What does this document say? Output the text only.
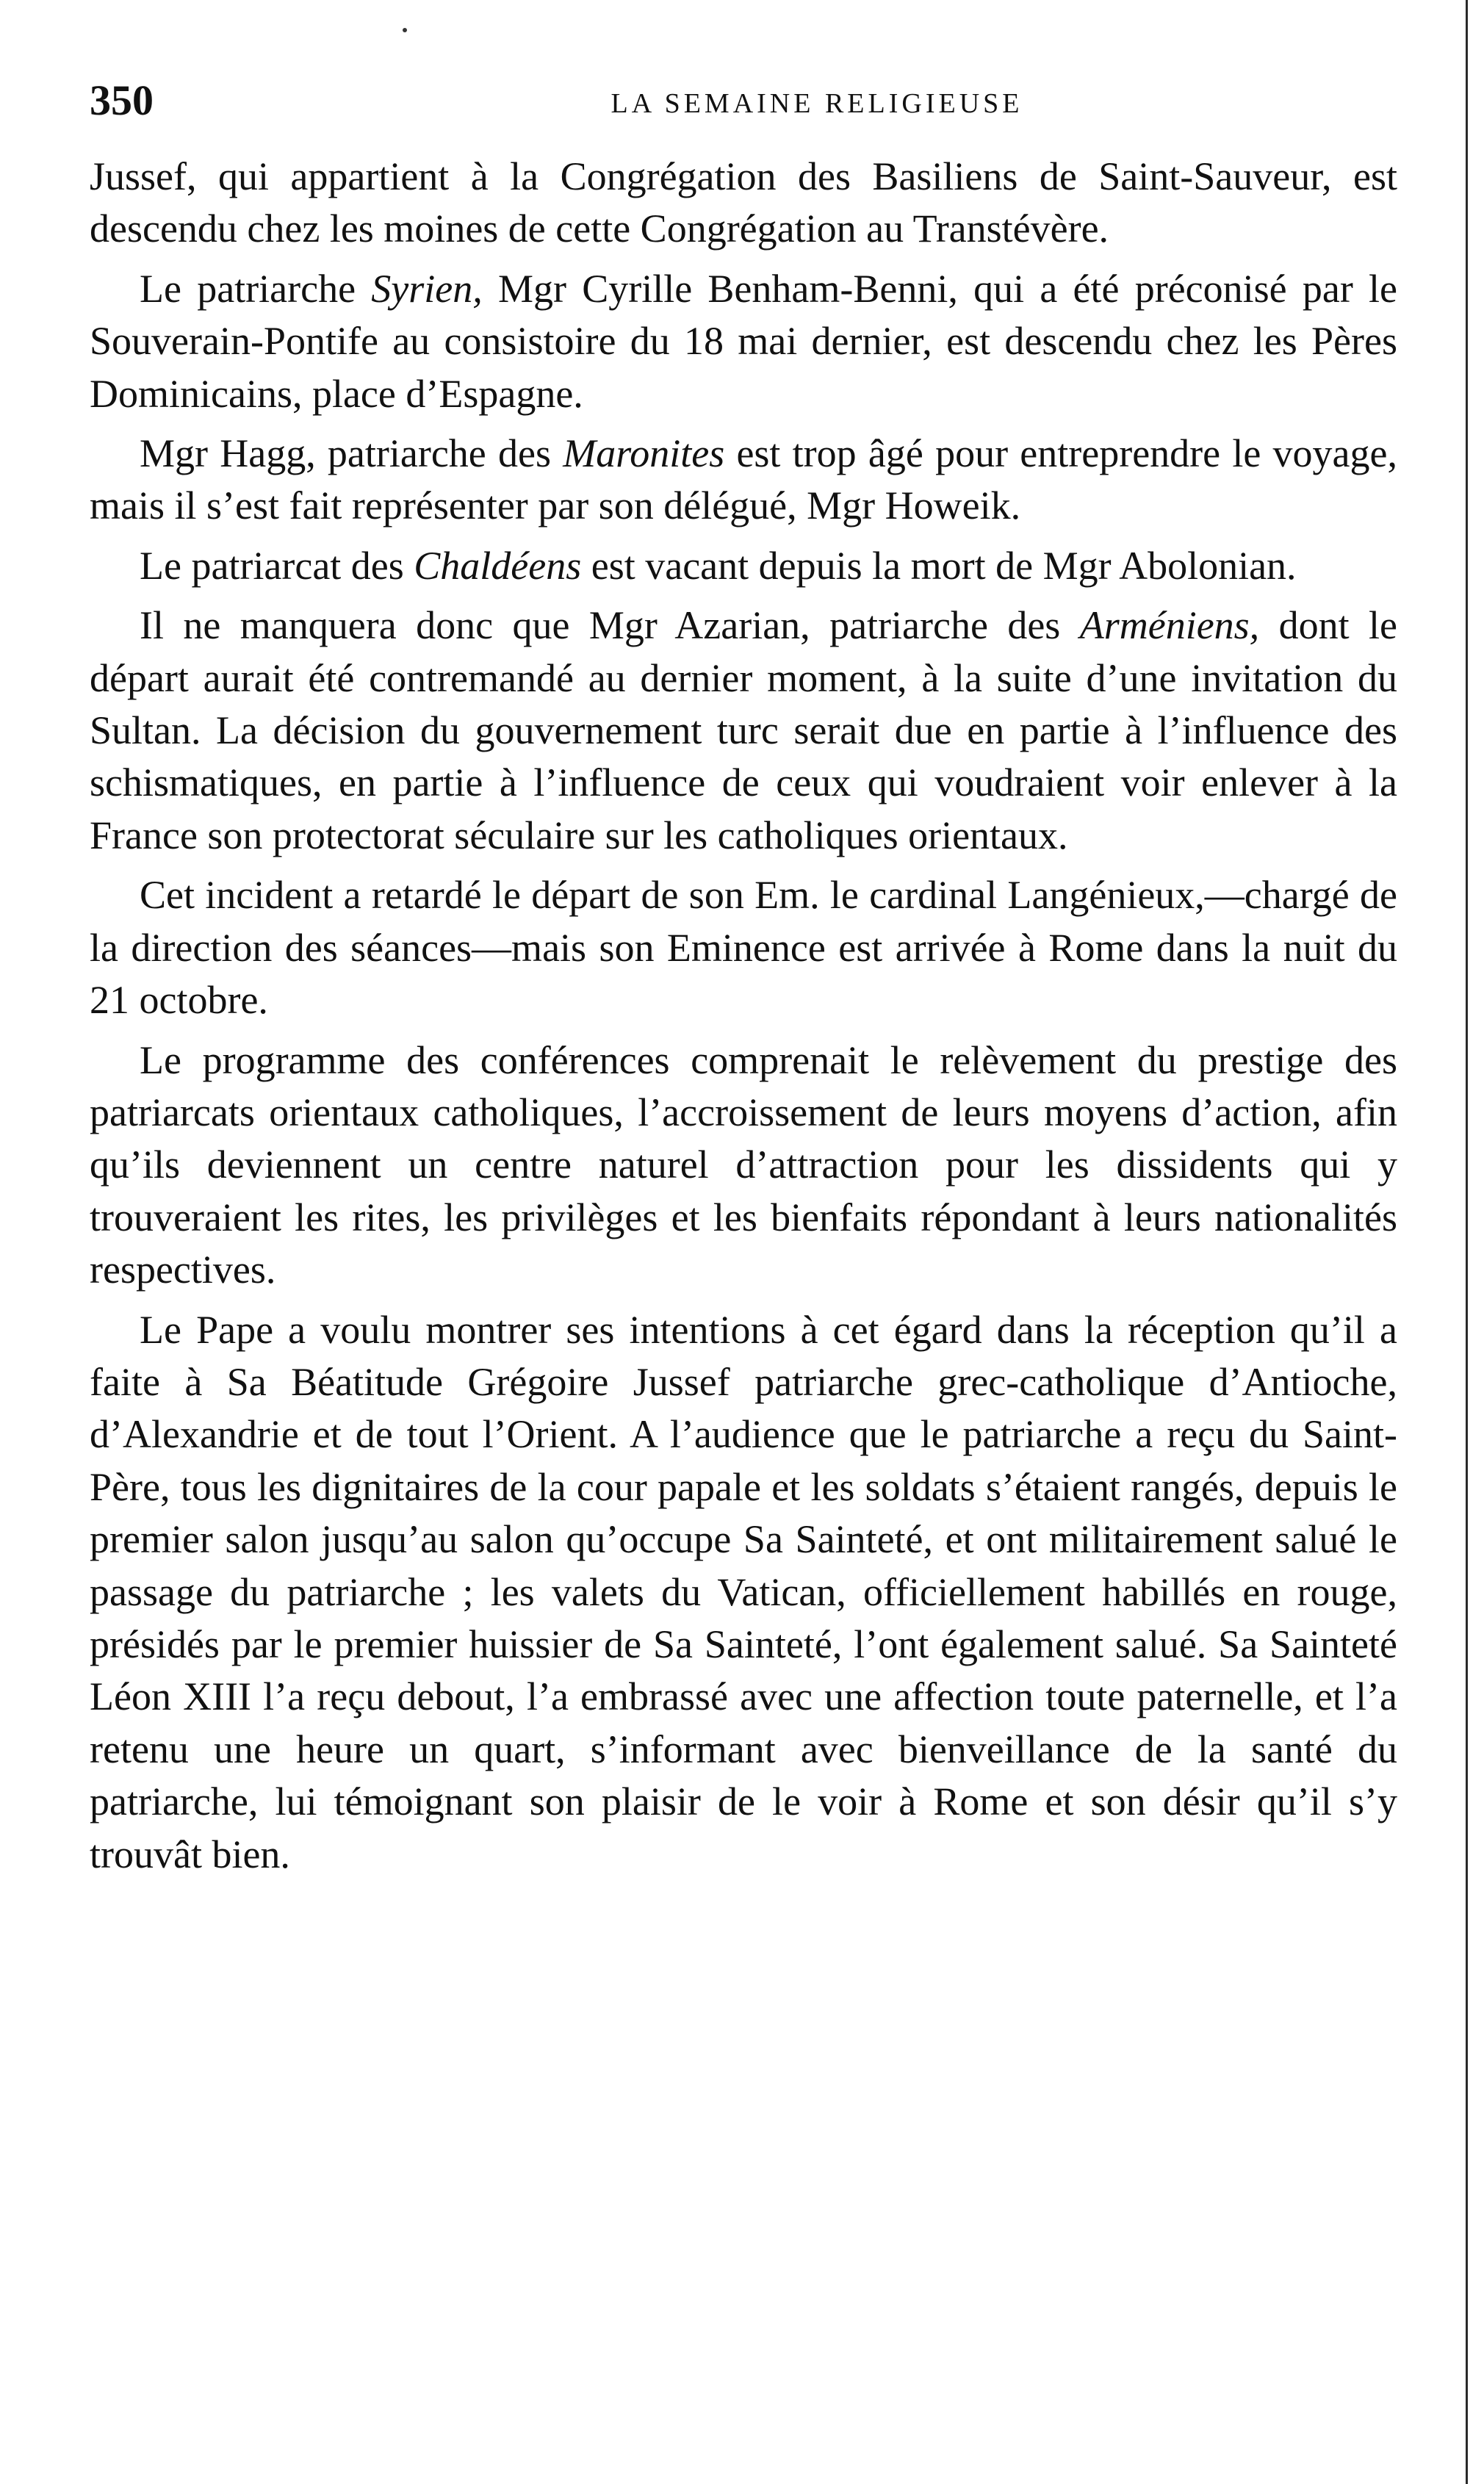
350	LA SEMAINE RELIGIEUSE

Jussef, qui appartient à la Congrégation des Basiliens de Saint-Sauveur, est descendu chez les moines de cette Congrégation au Transtévère.

Le patriarche Syrien, Mgr Cyrille Benham-Benni, qui a été préconisé par le Souverain-Pontife au consistoire du 18 mai dernier, est descendu chez les Pères Dominicains, place d’Espagne.

Mgr Hagg, patriarche des Maronites est trop âgé pour entreprendre le voyage, mais il s’est fait représenter par son délégué, Mgr Howeik.

Le patriarcat des Chaldéens est vacant depuis la mort de Mgr Abolonian.

Il ne manquera donc que Mgr Azarian, patriarche des Arméniens, dont le départ aurait été contremandé au dernier moment, à la suite d’une invitation du Sultan. La décision du gouvernement turc serait due en partie à l’influence des schismatiques, en partie à l’influence de ceux qui voudraient voir enlever à la France son protectorat séculaire sur les catholiques orientaux.

Cet incident a retardé le départ de son Em. le cardinal Langénieux,—chargé de la direction des séances—mais son Eminence est arrivée à Rome dans la nuit du 21 octobre.

Le programme des conférences comprenait le relèvement du prestige des patriarcats orientaux catholiques, l’accroissement de leurs moyens d’action, afin qu’ils deviennent un centre naturel d’attraction pour les dissidents qui y trouveraient les rites, les privilèges et les bienfaits répondant à leurs nationalités respectives.

Le Pape a voulu montrer ses intentions à cet égard dans la réception qu’il a faite à Sa Béatitude Grégoire Jussef patriarche grec-catholique d’Antioche, d’Alexandrie et de tout l’Orient. A l’audience que le patriarche a reçu du Saint-Père, tous les dignitaires de la cour papale et les soldats s’étaient rangés, depuis le premier salon jusqu’au salon qu’occupe Sa Sainteté, et ont militairement salué le passage du patriarche ; les valets du Vatican, officiellement habillés en rouge, présidés par le premier huissier de Sa Sainteté, l’ont également salué. Sa Sainteté Léon XIII l’a reçu debout, l’a embrassé avec une affection toute paternelle, et l’a retenu une heure un quart, s’informant avec bienveillance de la santé du patriarche, lui témoignant son plaisir de le voir à Rome et son désir qu’il s’y trouvât bien.
